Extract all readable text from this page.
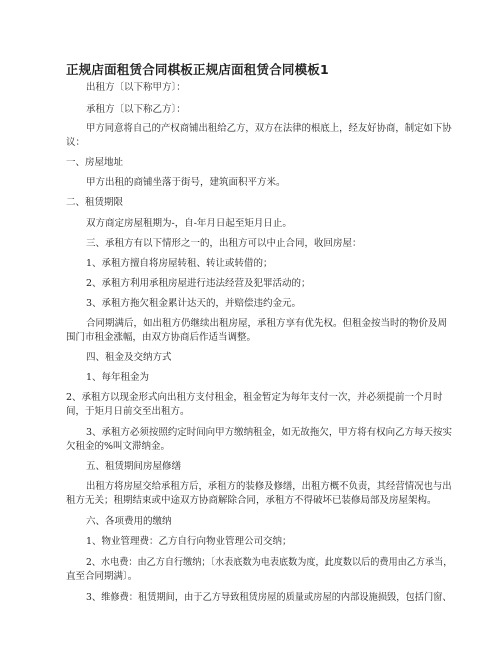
正规店面租赁合同棋板正规店面租赁合同模板1
出租方〔以下称甲方〕：
承租方〔以下称乙方〕：
甲方同意将自己的产权商铺出租给乙方，双方在法律的根底上，经友好协商，制定如下协
议：
一、房屋地址
甲方出租的商铺坐落于街号，建筑面积平方米。
二、租赁期限
双方商定房屋租期为-，自-年月日起至矩月日止。
三、承租方有以下情形之一的，出租方可以中止合同，收回房屋：
1、承租方擅自将房屋转租、转让或转借的；
2、承租方利用承租房屋进行违法经营及犯罪活动的；
3、承租方拖欠租金累计达天的，并赔偿违约金元。
合同期满后，如出租方仍继续出租房屋，承租方享有优先权。但租金按当时的物价及周
围门市租金涨幅，由双方协商后作适当调整。
四、租金及交纳方式
1、每年租金为
2、承租方以现金形式向出租方支付租金，租金暂定为每年支付一次，并必须提前一个月时
间，于矩月日前交至出租方。
3、承租方必须按照约定时间向甲方缴纳租金，如无故拖欠，甲方将有权向乙方每天按实
欠租金的%叫文滞纳金。
五、租赁期间房屋修缮
出租方将房屋交给承租方后，承租方的装修及修缮，出租方概不负责，其经营情况也与出
租方无关；租期结束或中途双方协商解除合同，承租方不得破坏已装修局部及房屋架构。
六、各项费用的缴纳
1、物业管理费：乙方自行向物业管理公司交纳；
2、水电费：由乙方自行缴纳；〔水表底数为电表底数为度，此度数以后的费用由乙方承当，
直至合同期满〕。
3、维修费：租赁期间，由于乙方导致租赁房屋的质量或房屋的内部设施损毁，包括门窗、
